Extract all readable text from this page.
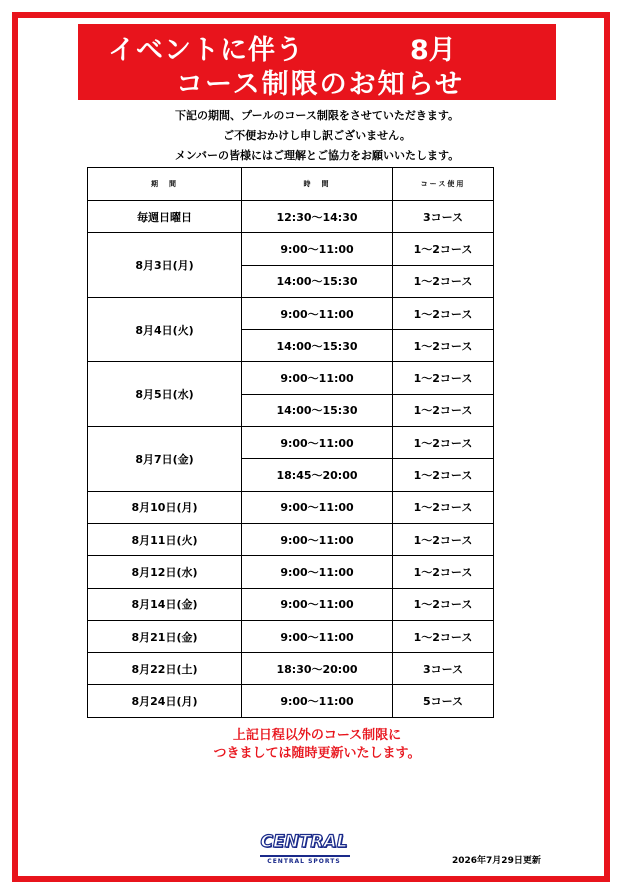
イベントに伴う	8月
コース制限のお知らせ
下記の期間、プールのコース制限をさせていただきます。
ご不便おかけし申し訳ございません。
メンバーの皆様にはご理解とご協力をお願いいたします。
期　間	時　間	コース使用
毎週日曜日	12:30〜14:30	3コース
8月3日(月)	9:00〜11:00	1〜2コース
	14:00〜15:30	1〜2コース
8月4日(火)	9:00〜11:00	1〜2コース
	14:00〜15:30	1〜2コース
8月5日(水)	9:00〜11:00	1〜2コース
	14:00〜15:30	1〜2コース
8月7日(金)	9:00〜11:00	1〜2コース
	18:45〜20:00	1〜2コース
8月10日(月)	9:00〜11:00	1〜2コース
8月11日(火)	9:00〜11:00	1〜2コース
8月12日(水)	9:00〜11:00	1〜2コース
8月14日(金)	9:00〜11:00	1〜2コース
8月21日(金)	9:00〜11:00	1〜2コース
8月22日(土)	18:30〜20:00	3コース
8月24日(月)	9:00〜11:00	5コース
上記日程以外のコース制限に
つきましては随時更新いたします。
CENTRAL
CENTRAL SPORTS	2026年7月29日更新
